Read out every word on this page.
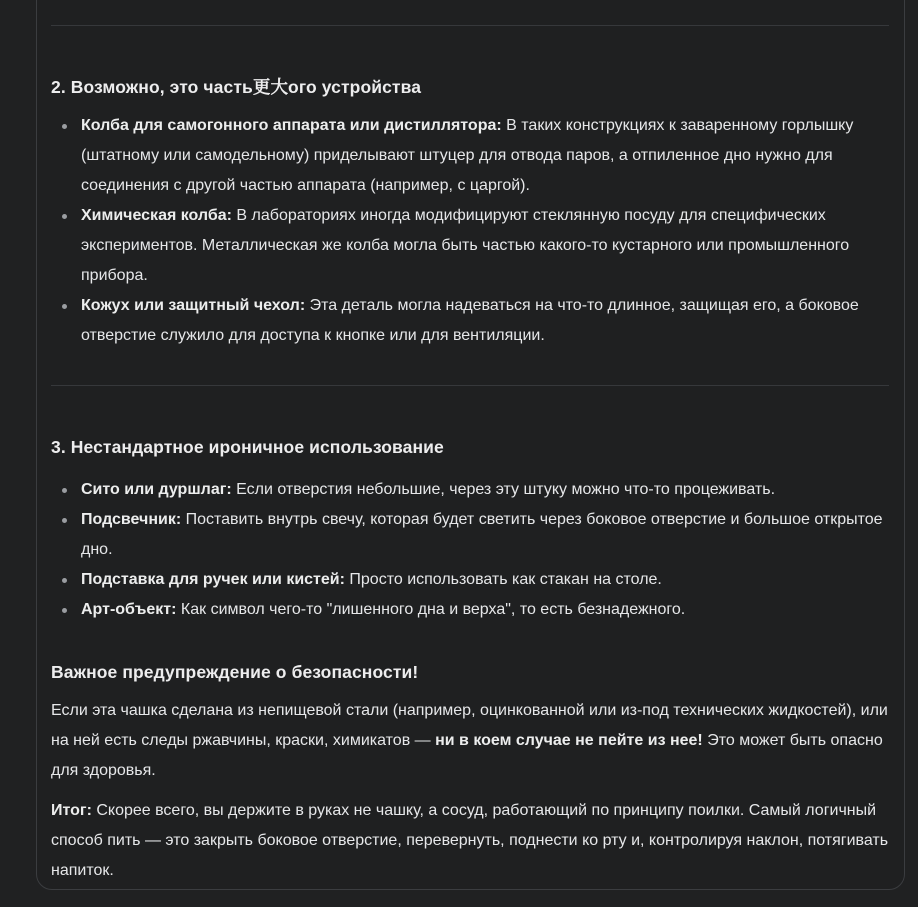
2. Возможно, это часть更大ого устройства
Колба для самогонного аппарата или дистиллятора: В таких конструкциях к заваренному горлышку (штатному или самодельному) приделывают штуцер для отвода паров, а отпиленное дно нужно для соединения с другой частью аппарата (например, с царгой).
Химическая колба: В лабораториях иногда модифицируют стеклянную посуду для специфических экспериментов. Металлическая же колба могла быть частью какого-то кустарного или промышленного прибора.
Кожух или защитный чехол: Эта деталь могла надеваться на что-то длинное, защищая его, а боковое отверстие служило для доступа к кнопке или для вентиляции.
3. Нестандартное ироничное использование
Сито или дуршлаг: Если отверстия небольшие, через эту штуку можно что-то процеживать.
Подсвечник: Поставить внутрь свечу, которая будет светить через боковое отверстие и большое открытое дно.
Подставка для ручек или кистей: Просто использовать как стакан на столе.
Арт-объект: Как символ чего-то "лишенного дна и верха", то есть безнадежного.
Важное предупреждение о безопасности!

Если эта чашка сделана из непищевой стали (например, оцинкованной или из-под технических жидкостей), или на ней есть следы ржавчины, краски, химикатов — ни в коем случае не пейте из нее! Это может быть опасно для здоровья.

Итог: Скорее всего, вы держите в руках не чашку, а сосуд, работающий по принципу поилки. Самый логичный способ пить — это закрыть боковое отверстие, перевернуть, поднести ко рту и, контролируя наклон, потягивать напиток.
